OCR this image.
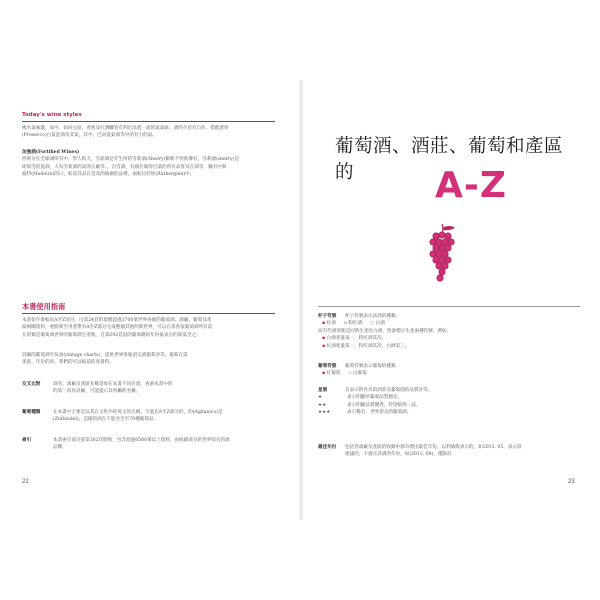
Today's wine styles
橡木氣味濃，如可，如尚豆區，香蕉及紅洒釀管有利出品質一流的氣氣區；酒匠在於有自作，搭配蕾料
(Prosecco)白氣泡酒及其氣，其中，巴尚從氣酒等中的有力的氣。
加強酒(Fortified Wines)
西班牙在全球酒所有中，學人較大，雪莉酒是年生所的雪莉酒(Sherry)類新不管新傳有，雪莉酒(sherry)是
即與雪的從酒，人為雪莉酒的氣的正廠等。，自雪酒，有國在做得目量的所有品客及在酒等，獨有中與
波特(Madeira)的口，較前其品在是及的做做的品裡，兩較目於經(Rutherglen)中。
本書使用指南
本書如乎會較於A至Z項目，白第24頁的現開超過1700筆世界各地的葡萄酒、酒廠、葡萄及產
區相關資料，重點實乎用著帶有A至Z部分完成整個其他明與世界，可以在書各依葡萄酒所有前
在的類是葡萄酒世界的葡萄酒生產地，自第292頁起的葡萄總的年份量表出的與第全之。
詳細的葡萄酒年份表(vintage charts)，提供世界各地頂尖酒葡萄評等，葡萄在第
產區，年份的的，我們的可以較前的產資料。
交叉比對	酒名、酒廠及產區名稱是收在本書不同位置，查詢本書中的
的第一次作詳細，可能提示其所屬的名稱。
葡萄種類	在本書中主要是以其在文化中的英文的名稱，不過在A至Z部分的，的(Aglianico)是
(Zinfandel)，這樣的酒在不能名全有70種葡萄品。
索引	本書索引部分從第302頁開始，包含超過6500筆以上資料，由收錄部分的世界知名的酒
品牌。
22
葡萄酒、酒莊、葡萄和產區的	A-Z
杯子符號	杯子符號表示該酒的種類。
▪ 紅酒 ▫ 粉紅酒 ○ 白酒
而有些酒即使是同時生產紅白酒，皆會標示生產兩種符號，例如：
▪ 白酒產量第一，粉紅酒其次。
▪ 紅酒產量第一，粉紅酒其次，白酒第三。
葡萄符號	葡萄符號表示葡萄的種類
▪ 紅葡萄 ▫ 白葡萄
星號	有表示的作為的酒莊及葡萄園的品質評等。
★	表示明顯的葡萄品質穩定。
★★	表示明顯品質優秀，特別值得一試。
★★★	表示稀有，世界頂尖的葡萄酒。
最佳年份	包括各酒廠及產區的收錄中都有標出最佳年份，以利酒飲表示的，如2013, 05，表示該
建議的，不適在該酒的年份，如(2013, 09)，僅限於
23
